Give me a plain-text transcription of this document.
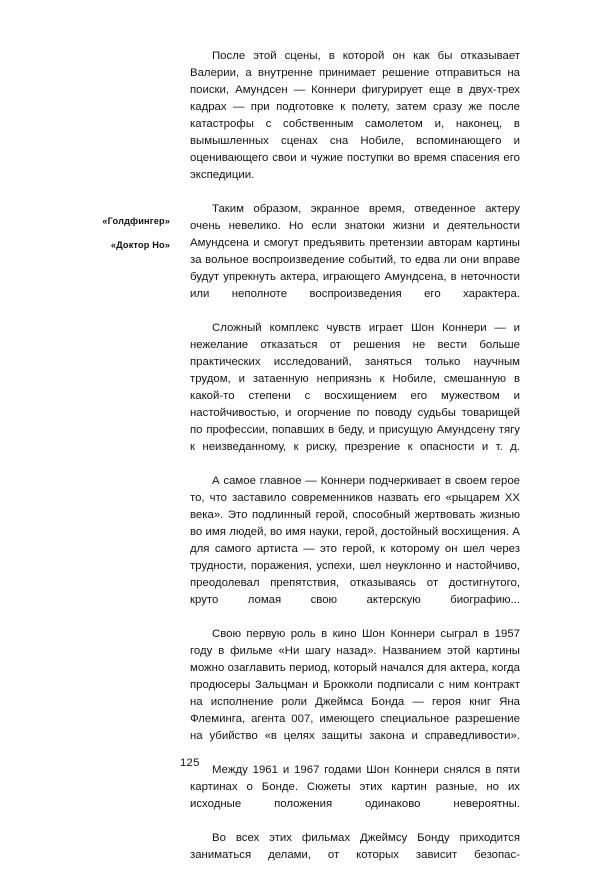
«Голдфингер»
«Доктор Но»

После этой сцены, в которой он как бы отказывает Валерии, а внутренне принимает решение отправиться на поиски, Амундсен — Коннери фигурирует еще в двух-трех кадрах — при подготовке к полету, затем сразу же после катастрофы с собственным самолетом и, наконец, в вымышленных сценах сна Нобиле, вспоминающего и оценивающего свои и чужие поступки во время спасения его экспедиции.

Таким образом, экранное время, отведенное актеру очень невелико. Но если знатоки жизни и деятельности Амундсена и смогут предъявить претензии авторам картины за вольное воспроизведение событий, то едва ли они вправе будут упрекнуть актера, играющего Амундсена, в неточности или неполноте воспроизведения его характера.

Сложный комплекс чувств играет Шон Коннери — и нежелание отказаться от решения не вести больше практических исследований, заняться только научным трудом, и затаенную неприязнь к Нобиле, смешанную в какой-то степени с восхищением его мужеством и настойчивостью, и огорчение по поводу судьбы товарищей по профессии, попавших в беду, и присущую Амундсену тягу к неизведанному, к риску, презрение к опасности и т. д.

А самое главное — Коннери подчеркивает в своем герое то, что заставило современников назвать его «рыцарем XX века». Это подлинный герой, способный жертвовать жизнью во имя людей, во имя науки, герой, достойный восхищения. А для самого артиста — это герой, к которому он шел через трудности, поражения, успехи, шел неуклонно и настойчиво, преодолевал препятствия, отказываясь от достигнутого, круто ломая свою актерскую биографию...

Свою первую роль в кино Шон Коннери сыграл в 1957 году в фильме «Ни шагу назад». Названием этой картины можно озаглавить период, который начался для актера, когда продюсеры Зальцман и Брокколи подписали с ним контракт на исполнение роли Джеймса Бонда — героя книг Яна Флеминга, агента 007, имеющего специальное разрешение на убийство «в целях защиты закона и справедливости».

Между 1961 и 1967 годами Шон Коннери снялся в пяти картинах о Бонде. Сюжеты этих картин разные, но их исходные положения одинаково невероятны.

Во всех этих фильмах Джеймсу Бонду приходится заниматься делами, от которых зависит безопас

125
